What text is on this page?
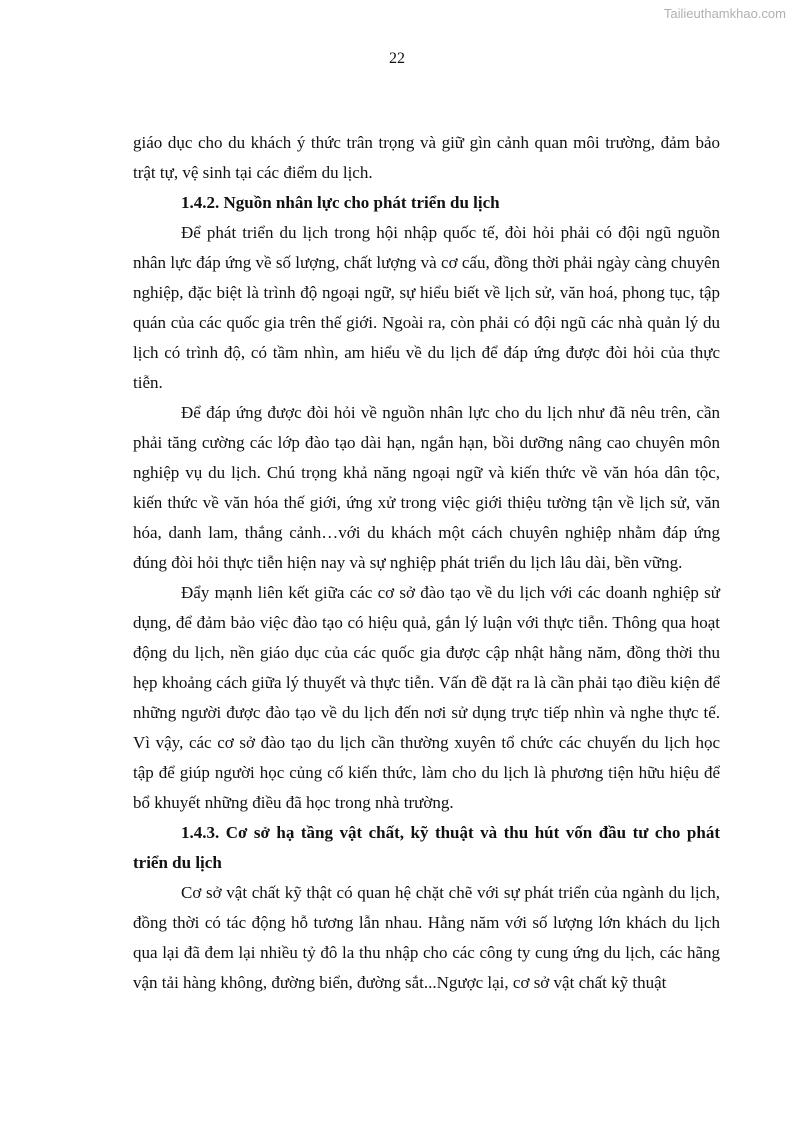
Tailieuthamkhao.com
22

giáo dục cho du khách ý thức trân trọng và giữ gìn cảnh quan môi trường, đảm bảo trật tự, vệ sinh tại các điểm du lịch.

1.4.2. Nguồn nhân lực cho phát triển du lịch

Để phát triển du lịch trong hội nhập quốc tế, đòi hỏi phải có đội ngũ nguồn nhân lực đáp ứng về số lượng, chất lượng và cơ cấu, đồng thời phải ngày càng chuyên nghiệp, đặc biệt là trình độ ngoại ngữ, sự hiểu biết về lịch sử, văn hoá, phong tục, tập quán của các quốc gia trên thế giới. Ngoài ra, còn phải có đội ngũ các nhà quản lý du lịch có trình độ, có tầm nhìn, am hiểu về du lịch để đáp ứng được đòi hỏi của thực tiễn.

Để đáp ứng được đòi hỏi về nguồn nhân lực cho du lịch như đã nêu trên, cần phải tăng cường các lớp đào tạo dài hạn, ngắn hạn, bồi dưỡng nâng cao chuyên môn nghiệp vụ du lịch. Chú trọng khả năng ngoại ngữ và kiến thức về văn hóa dân tộc, kiến thức về văn hóa thế giới, ứng xử trong việc giới thiệu tường tận về lịch sử, văn hóa, danh lam, thắng cảnh…với du khách một cách chuyên nghiệp nhằm đáp ứng đúng đòi hỏi thực tiễn hiện nay và sự nghiệp phát triển du lịch lâu dài, bền vững.

Đẩy mạnh liên kết giữa các cơ sở đào tạo về du lịch với các doanh nghiệp sử dụng, để đảm bảo việc đào tạo có hiệu quả, gắn lý luận với thực tiễn. Thông qua hoạt động du lịch, nền giáo dục của các quốc gia được cập nhật hằng năm, đồng thời thu hẹp khoảng cách giữa lý thuyết và thực tiễn. Vấn đề đặt ra là cần phải tạo điều kiện để những người được đào tạo về du lịch đến nơi sử dụng trực tiếp nhìn và nghe thực tế. Vì vậy, các cơ sở đào tạo du lịch cần thường xuyên tổ chức các chuyến du lịch học tập để giúp người học củng cố kiến thức, làm cho du lịch là phương tiện hữu hiệu để bổ khuyết những điều đã học trong nhà trường.

1.4.3. Cơ sở hạ tầng vật chất, kỹ thuật và thu hút vốn đầu tư cho phát triển du lịch

Cơ sở vật chất kỹ thật có quan hệ chặt chẽ với sự phát triển của ngành du lịch, đồng thời có tác động hỗ tương lẫn nhau. Hằng năm với số lượng lớn khách du lịch qua lại đã đem lại nhiều tỷ đô la thu nhập cho các công ty cung ứng du lịch, các hãng vận tải hàng không, đường biển, đường sắt...Ngược lại, cơ sở vật chất kỹ thuật
